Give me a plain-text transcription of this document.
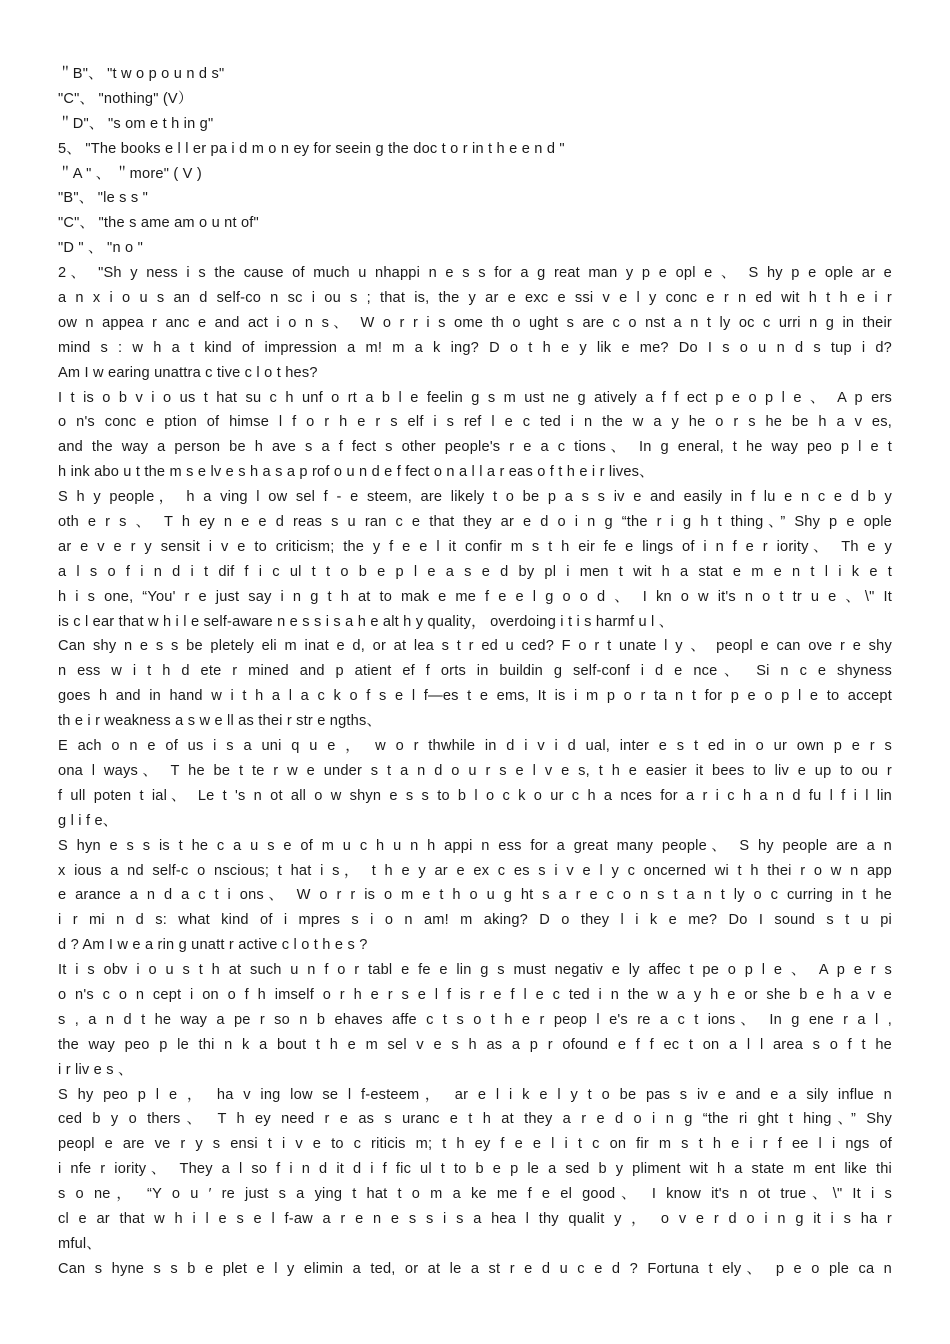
＂B"、 "t w o p o u n d s"
"C"、 "nothing" (V）
＂D"、 "s om e t h in g"
5、 "The books e l l er pa i d m o n ey for seein g the doc t o r in t h e e n d "
＂A " 、 ＂more" ( V )
"B"、 "le s s "
"C"、 "the s ame am o u nt of"
"D " 、 "n o "
2、 "Sh y ness i s the cause of much u nhappi n e s s for a g reat man y p e opl e 、 S hy p e ople ar e
a n x i o u s an d self-co n sc i ou s ; that is, the y ar e exc e ssi v e l y conc e r n ed wit h t h e i r
ow n appea r anc e and act i o n s、 W o r r i s ome th o ught s are c o nst a n t ly oc c urri n g in their
mind s : w h a t kind of impression a m! m a k ing? D o t h e y lik e me? Do I s o u n d s tup i d?
Am I w earing unattra c tive c l o t hes?
I t is o b v i o us t hat su c h unf o rt a b l e feelin g s m ust ne g atively a f f ect p e o p l e 、 A p ers
o n's conc e ption of himse l f o r h e r s elf i s ref l e c ted i n the w a y he o r s he be h a v es,
and the way a person be h ave s a f fect s other people's r e a c tions、 In g eneral, t he way peo p l e t
h ink abo u t the m s e lv e s h a s a p rof o u n d e f fect o n a l l a r eas o f t h e i r lives、
S h y people， h a ving l ow sel f - e steem, are likely t o be p a s s iv e and easily in f lu e n c e d b y
oth e r s 、 T h ey n e e d reas s u ran c e that they ar e d o i n g “the r i g h t thing、” Shy p e ople
ar e v e r y sensit i v e to criticism; the y f e e l it confir m s t h eir fe e lings of i n f e r iority、 Th e y
a l s o f i n d i t dif f i c ul t t o b e p l e a s e d by pl i men t wit h a stat e m e n t l i k e t
h i s one, “You' r e just say i n g t h at to mak e me f e e l g o o d 、 I kn o w it's n o t tr u e 、\" It
is c l ear that w h i l e self-aware n e s s i s a h e alt h y quality， overdoing i t i s harmf u l 、
Can shy n e s s be pletely eli m inat e d, or at lea s t r ed u ced? F o r t unate l y 、 peopl e can ove r e shy
n ess w i t h d ete r mined and p atient ef f orts in buildin g self-conf i d e nce、 Si n c e shyness
goes h and in hand w i t h a l a c k o f s e l f—es t e ems, It is i m p o r ta n t for p e o p l e to accept
th e i r weakness a s w e ll as thei r str e ngths、
E ach o n e of us i s a uni q u e ， w o r thwhile in d i v i d ual, inter e s t ed in o ur own p e r s
ona l ways、 T he be t te r w e under s t a n d o u r s e l v e s, t h e easier it bees to liv e up to ou r
f ull poten t ial、 Le t 's n ot all o w shyn e s s to b l o c k o ur c h a nces for a r i c h a n d fu l f i l lin
g l i f e、
S hyn e s s is t he c a u s e of m u c h u n h appi n ess for a great many people、 S hy people are a n
x ious a nd self-c o nscious; t hat i s， t h e y ar e ex c es s i v e l y c oncerned wi t h thei r o w n app
e arance a n d a c t i ons、 W o r r is o m e t h o u g ht s a r e c o n s t a n t ly o c curring in t he
i r mi n d s: what kind of i mpres s i o n am! m aking? D o they l i k e me? Do I sound s t u pi
d ? Am I w e a rin g unatt r active c l o t h e s ?
It i s obv i o u s t h at such u n f o r tabl e fe e lin g s must negativ e ly affec t pe o p l e 、 A p e r s
o n's c o n cept i on o f h imself o r h e r s e l f is r e f l e c ted i n the w a y h e or she b e h a v e
s , a n d t he way a pe r so n b ehaves affe c t s o t h e r peop l e's re a c t ions、 In g ene r a l ,
the way peo p le thi n k a bout t h e m sel v e s h as a p r ofound e f f ec t on a l l area s o f t he
i r liv e s 、
S hy peo p l e ， ha v ing low se l f-esteem， ar e l i k e l y t o be pas s iv e and e a sily influe n
ced b y o thers、 T h ey need r e as s uranc e t h at they a r e d o i n g “the ri ght t hing、” Shy
peopl e are ve r y s ensi t i v e to c riticis m; t h ey f e e l i t c on fir m s t h e i r f ee l i ngs of
i nfe r iority、 They a l so f i n d it d i f fic ul t to b e p le a sed b y pliment wit h a state m ent like thi
s o ne， “Y o u ′ re just s a ying t hat t o m a ke me f e el good、 I know it's n ot true、\" It i s
cl e ar that w h i l e s e l f-aw a r e n e s s i s a hea l thy qualit y ， o v e r d o i n g it i s ha r
mful、
Can s hyne s s b e plet e l y elimin a ted, or at le a st r e d u c e d ? Fortuna t ely、 p e o ple ca n
